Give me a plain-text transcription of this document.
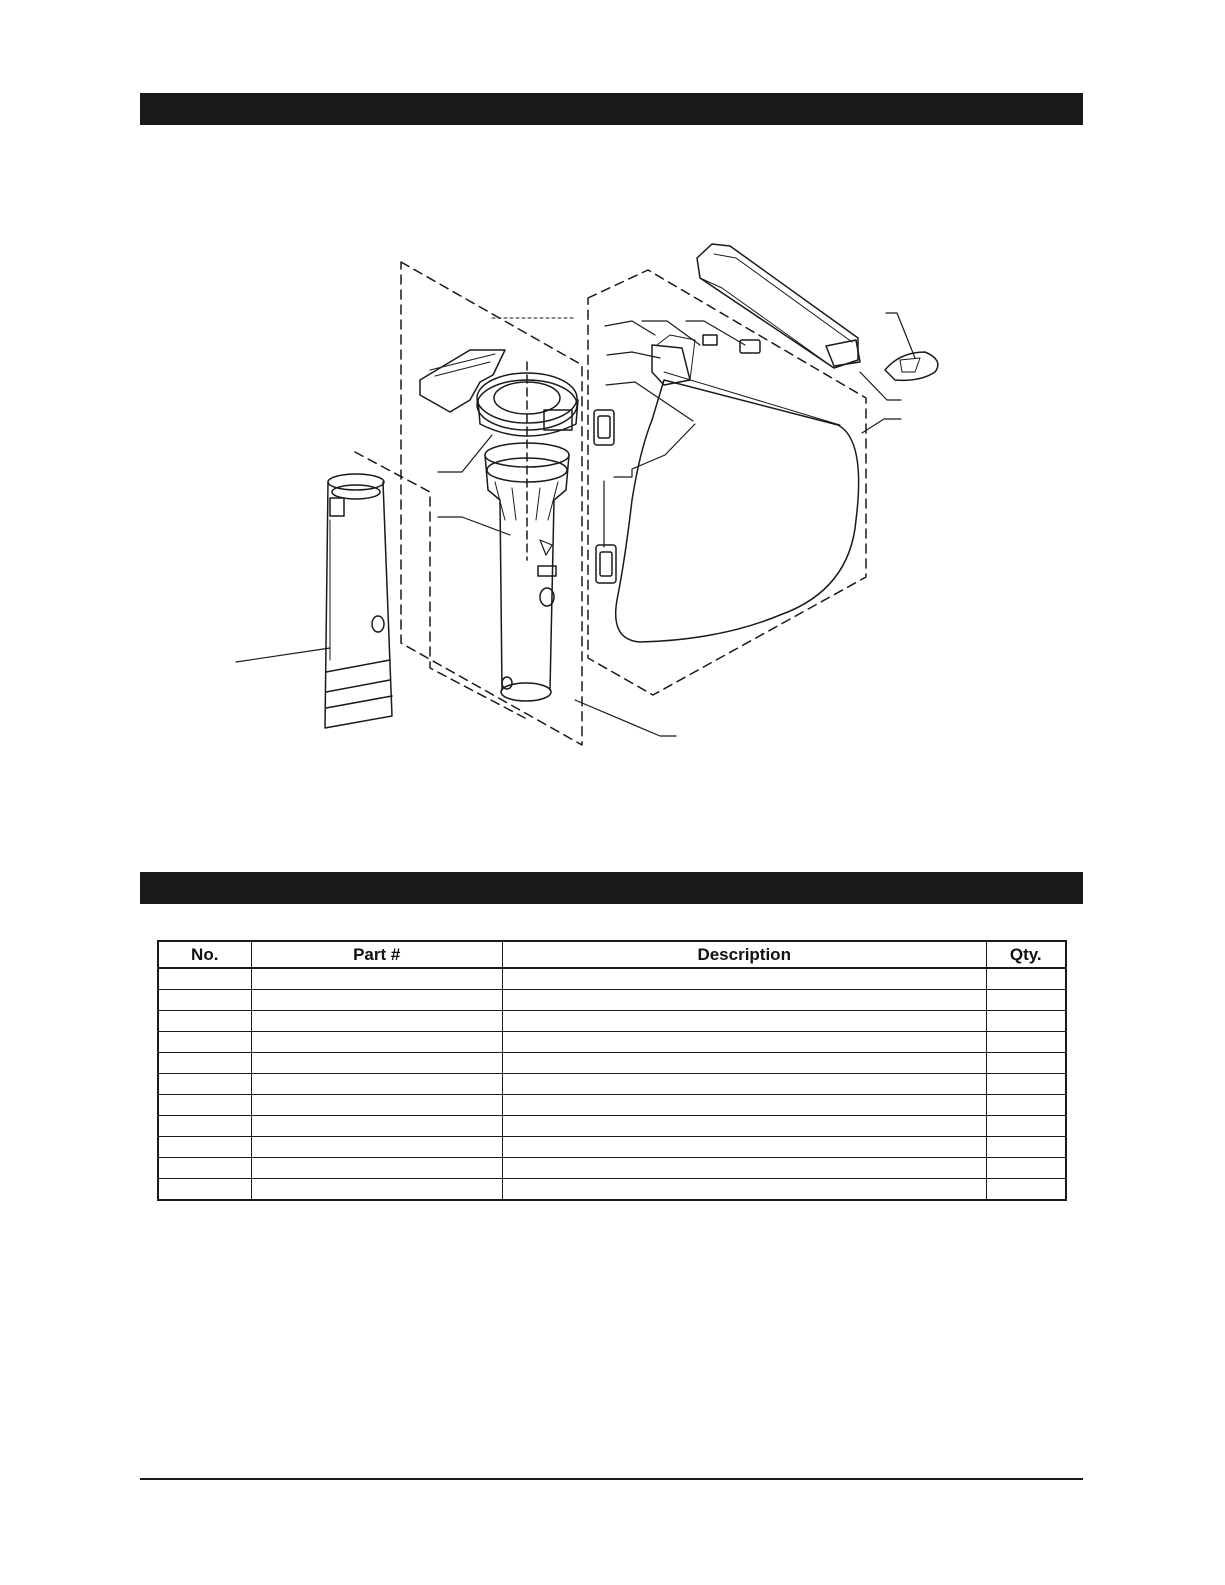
No.	Part #	Description	Qty.
